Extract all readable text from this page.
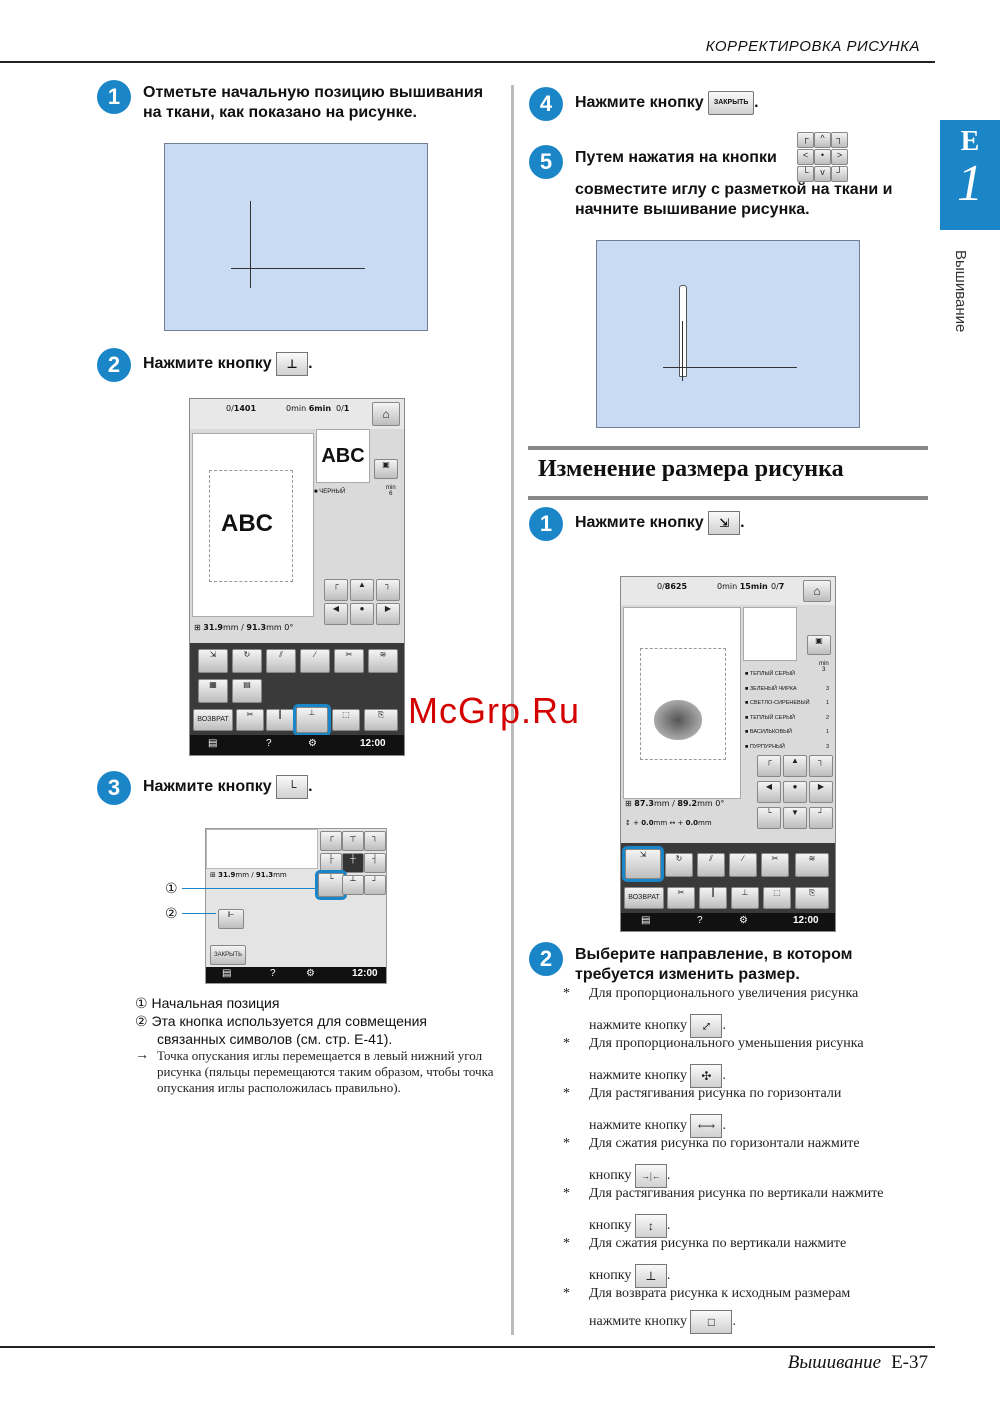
КОРРЕКТИРОВКА РИСУНКА
E
1
Вышивание
Вышивание E-37
1	Отметьте начальную позицию вышивания на ткани, как показано на рисунке.
2	Нажмите кнопку ⊥ .
0/1401	0min 6min 0/1	⌂
ABC
ABC	▣
■ ЧЕРНЫЙ
min
6
┌	▲	┐
◀	●	▶
⊞ 31.9mm / 91.3mm 0°
⇲	↻	⫽	∕	✂	≋
▦	▤
ВОЗВРАТ
✂	┃	⊥	⬚	⎘
▤	?	⚙	12:00
3	Нажмите кнопку └ .
┌	┬	┐
├	┼	┤
└	┴	┘
⊞ 31.9mm / 91.3mm
⊩
ЗАКРЫТЬ
▤	?	⚙	12:00
①
②
① Начальная позиция
② Эта кнопка используется для совмещения связанных символов (см. стр. E-41).
→ Точка опускания иглы перемещается в левый нижний угол рисунка (пяльцы перемещаются таким образом, чтобы точка опускания иглы расположилась правильно).
4	Нажмите кнопку ЗАКРЫТЬ .
5	Путем нажатия на кнопки
┌	^	┐
<	•	>
└	v	┘
совместите иглу с разметкой на ткани и начните вышивание рисунка.
Изменение размера рисунка
1	Нажмите кнопку ⇲ .
0/8625	0min 15min 0/7	⌂
▣
min
3
■ ТЕПЛЫЙ СЕРЫЙ
■ ЗЕЛЕНЫЙ ЧИРКА	3
■ СВЕТЛО-СИРЕНЕВЫЙ	1
■ ТЕПЛЫЙ СЕРЫЙ	2
■ ВАСИЛЬКОВЫЙ	1
■ ПУРПУРНЫЙ	3
┌	▲	┐
◀	●	▶
└	▼	┘
⊞ 87.3mm / 89.2mm 0°
↕ + 0.0mm ↔ + 0.0mm
⇲	↻	⫽	∕	✂	≋
ВОЗВРАТ
✂	┃	⊥	⬚	⎘
▤	?	⚙	12:00
McGrp.Ru
2	Выберите направление, в котором требуется изменить размер.
* Для пропорционального увеличения рисунка
нажмите кнопку ⤢ .
* Для пропорционального уменьшения рисунка
нажмите кнопку ✣ .
* Для растягивания рисунка по горизонтали
нажмите кнопку ⟷ .
* Для сжатия рисунка по горизонтали нажмите
кнопку →|← .
* Для растягивания рисунка по вертикали нажмите
кнопку ↕ .
* Для сжатия рисунка по вертикали нажмите
кнопку ⊥ .
* Для возврата рисунка к исходным размерам
нажмите кнопку □ .
